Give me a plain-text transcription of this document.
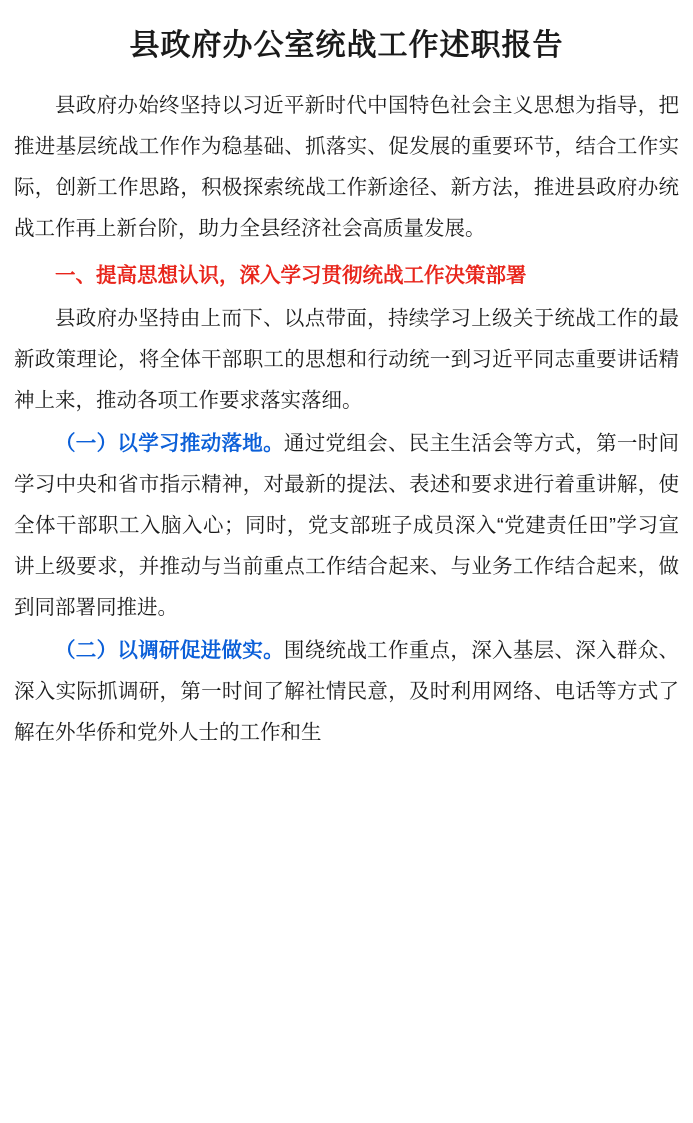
县政府办公室统战工作述职报告

县政府办始终坚持以习近平新时代中国特色社会主义思想为指导，把推进基层统战工作作为稳基础、抓落实、促发展的重要环节，结合工作实际，创新工作思路，积极探索统战工作新途径、新方法，推进县政府办统战工作再上新台阶，助力全县经济社会高质量发展。

一、提高思想认识，深入学习贯彻统战工作决策部署

县政府办坚持由上而下、以点带面，持续学习上级关于统战工作的最新政策理论，将全体干部职工的思想和行动统一到习近平同志重要讲话精神上来，推动各项工作要求落实落细。

（一）以学习推动落地。通过党组会、民主生活会等方式，第一时间学习中央和省市指示精神，对最新的提法、表述和要求进行着重讲解，使全体干部职工入脑入心；同时，党支部班子成员深入“党建责任田”学习宣讲上级要求，并推动与当前重点工作结合起来、与业务工作结合起来，做到同部署同推进。

（二）以调研促进做实。围绕统战工作重点，深入基层、深入群众、深入实际抓调研，第一时间了解社情民意，及时利用网络、电话等方式了解在外华侨和党外人士的工作和生
